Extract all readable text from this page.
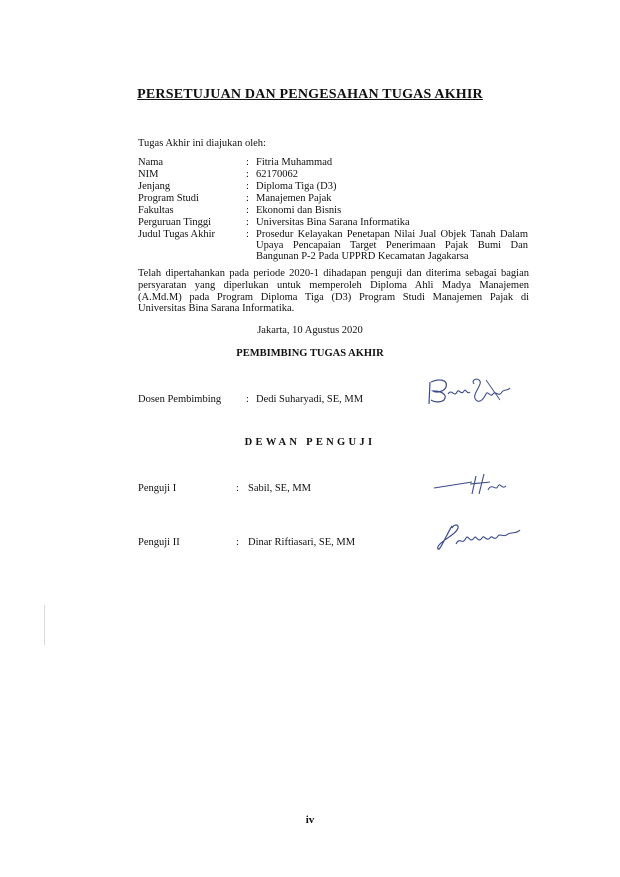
PERSETUJUAN DAN PENGESAHAN TUGAS AKHIR
Tugas Akhir ini diajukan oleh:
Nama	: Fitria Muhammad
NIM	: 62170062
Jenjang	: Diploma Tiga (D3)
Program Studi	: Manajemen Pajak
Fakultas	: Ekonomi dan Bisnis
Perguruan Tinggi	: Universitas Bina Sarana Informatika
Judul Tugas Akhir	: Prosedur Kelayakan Penetapan Nilai Jual Objek Tanah Dalam Upaya Pencapaian Target Penerimaan Pajak Bumi Dan Bangunan P-2 Pada UPPRD Kecamatan Jagakarsa
Telah dipertahankan pada periode 2020-1 dihadapan penguji dan diterima sebagai bagian persyaratan yang diperlukan untuk memperoleh Diploma Ahli Madya Manajemen (A.Md.M) pada Program Diploma Tiga (D3) Program Studi Manajemen Pajak di Universitas Bina Sarana Informatika.
Jakarta, 10 Agustus 2020
PEMBIMBING TUGAS AKHIR
Dosen Pembimbing : Dedi Suharyadi, SE, MM
DEWAN PENGUJI
Penguji I	: Sabil, SE, MM
Penguji II	: Dinar Riftiasari, SE, MM
iv
